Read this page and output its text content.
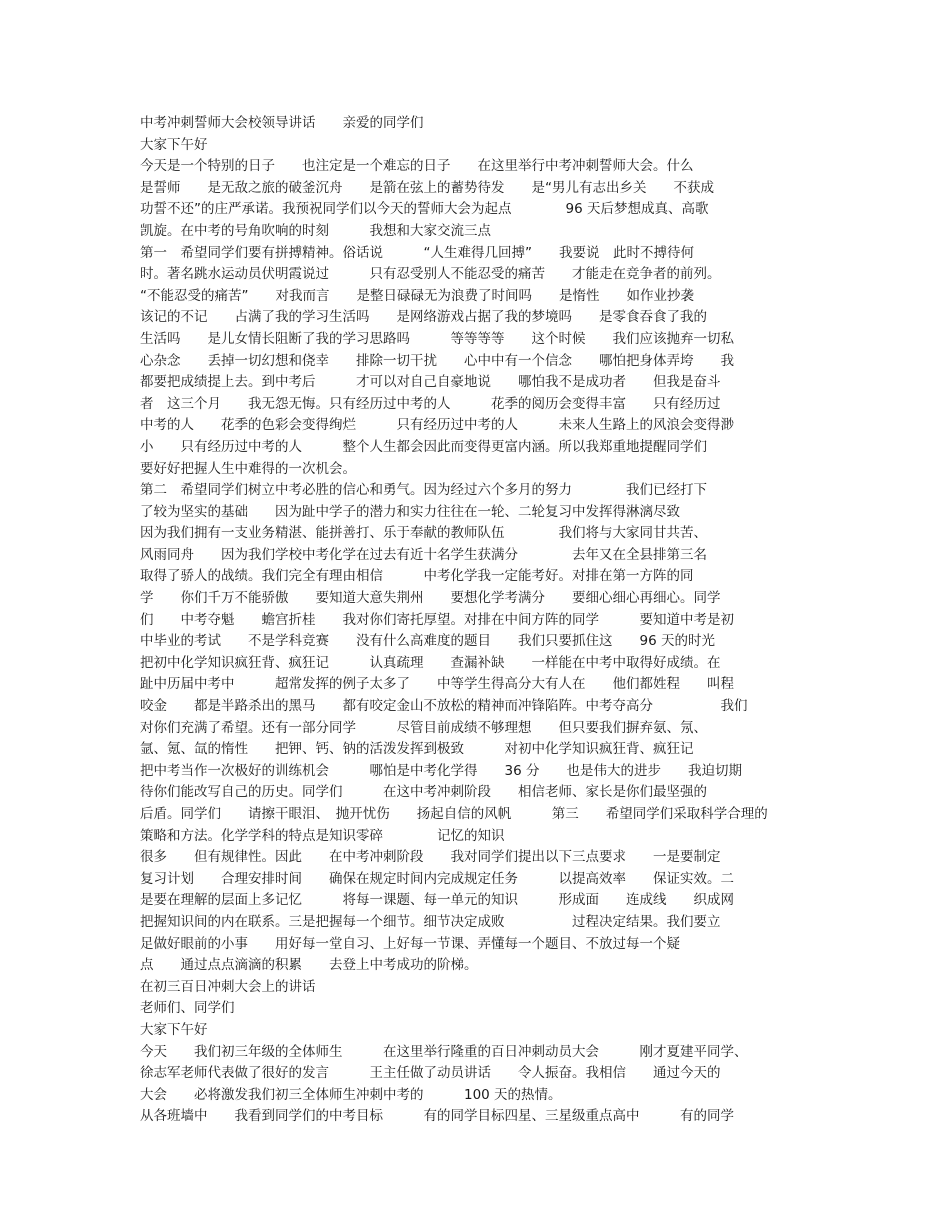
中考冲刺誓师大会校领导讲话　　亲爱的同学们
大家下午好
今天是一个特别的日子　　也注定是一个难忘的日子　　在这里举行中考冲刺誓师大会。什么
是誓师　　是无敌之旅的破釜沉舟　　是箭在弦上的蓄势待发　　是“男儿有志出乡关　　不获成
功誓不还”的庄严承诺。我预祝同学们以今天的誓师大会为起点　　　　96 天后梦想成真、高歌
凯旋。在中考的号角吹响的时刻　　　我想和大家交流三点
第一　希望同学们要有拼搏精神。俗话说　　　“人生难得几回搏”　　我要说　此时不搏待何
时。著名跳水运动员伏明霞说过　　　只有忍受别人不能忍受的痛苦　　才能走在竞争者的前列。
“不能忍受的痛苦”　　对我而言　　是整日碌碌无为浪费了时间吗　　是惰性　　如作业抄袭
该记的不记　　占满了我的学习生活吗　　是网络游戏占据了我的梦境吗　　是零食吞食了我的
生活吗　　是儿女情长阻断了我的学习思路吗　　　等等等等　　这个时候　　我们应该抛弃一切私
心杂念　　丢掉一切幻想和侥幸　　排除一切干扰　　心中中有一个信念　　哪怕把身体弄垮　　我
都要把成绩提上去。到中考后　　　才可以对自己自豪地说　　哪怕我不是成功者　　但我是奋斗
者　这三个月　　我无怨无悔。只有经历过中考的人　　　花季的阅历会变得丰富　　只有经历过
中考的人　　花季的色彩会变得绚烂　　　只有经历过中考的人　　　未来人生路上的风浪会变得渺
小　　只有经历过中考的人　　　整个人生都会因此而变得更富内涵。所以我郑重地提醒同学们
要好好把握人生中难得的一次机会。
第二　希望同学们树立中考必胜的信心和勇气。因为经过六个多月的努力　　　　我们已经打下
了较为坚实的基础　　因为趾中学子的潜力和实力往往在一轮、二轮复习中发挥得淋漓尽致
因为我们拥有一支业务精湛、能拼善打、乐于奉献的教师队伍　　　　我们将与大家同甘共苦、
风雨同舟　　因为我们学校中考化学在过去有近十名学生获满分　　　　去年又在全县排第三名
取得了骄人的战绩。我们完全有理由相信　　　中考化学我一定能考好。对排在第一方阵的同
学　　你们千万不能骄傲　　要知道大意失荆州　　要想化学考满分　　要细心细心再细心。同学
们　　中考夺魁　　蟾宫折桂　　我对你们寄托厚望。对排在中间方阵的同学　　　要知道中考是初
中毕业的考试　　不是学科竞赛　　没有什么高难度的题目　　我们只要抓住这　　96 天的时光
把初中化学知识疯狂背、疯狂记　　　认真疏理　　查漏补缺　　一样能在中考中取得好成绩。在
趾中历届中考中　　　超常发挥的例子太多了　　中等学生得高分大有人在　　他们都姓程　　叫程
咬金　　都是半路杀出的黑马　　都有咬定金山不放松的精神而冲锋陷阵。中考夺高分　　　　　我们
对你们充满了希望。还有一部分同学　　　尽管目前成绩不够理想　　但只要我们摒弃氨、氖、
氩、氪、氙的惰性　　把钾、钙、钠的活泼发挥到极致　　　对初中化学知识疯狂背、疯狂记
把中考当作一次极好的训练机会　　　哪怕是中考化学得　　36 分　　也是伟大的进步　　我迫切期
待你们能改写自己的历史。同学们　　　在这中考冲刺阶段　　相信老师、家长是你们最坚强的
后盾。同学们　　请擦干眼泪、　抛开忧伤　　扬起自信的风帆　　　第三　　希望同学们采取科学合理的
策略和方法。化学学科的特点是知识零碎　　　　记忆的知识
很多　　但有规律性。因此　　在中考冲刺阶段　　我对同学们提出以下三点要求　　一是要制定
复习计划　　合理安排时间　　确保在规定时间内完成规定任务　　　以提高效率　　保证实效。二
是要在理解的层面上多记忆　　　将每一课题、每一单元的知识　　　形成面　　连成线　　织成网
把握知识间的内在联系。三是把握每一个细节。细节决定成败　　　　　过程决定结果。我们要立
足做好眼前的小事　　用好每一堂自习、上好每一节课、弄懂每一个题目、不放过每一个疑
点　　通过点点滴滴的积累　　去登上中考成功的阶梯。
在初三百日冲刺大会上的讲话
老师们、同学们
大家下午好
今天　　我们初三年级的全体师生　　　在这里举行隆重的百日冲刺动员大会　　　刚才夏建平同学、
徐志军老师代表做了很好的发言　　　王主任做了动员讲话　　令人振奋。我相信　　通过今天的
大会　　必将激发我们初三全体师生冲刺中考的　　　100 天的热情。
从各班墙中　　我看到同学们的中考目标　　　有的同学目标四星、三星级重点高中　　　有的同学
